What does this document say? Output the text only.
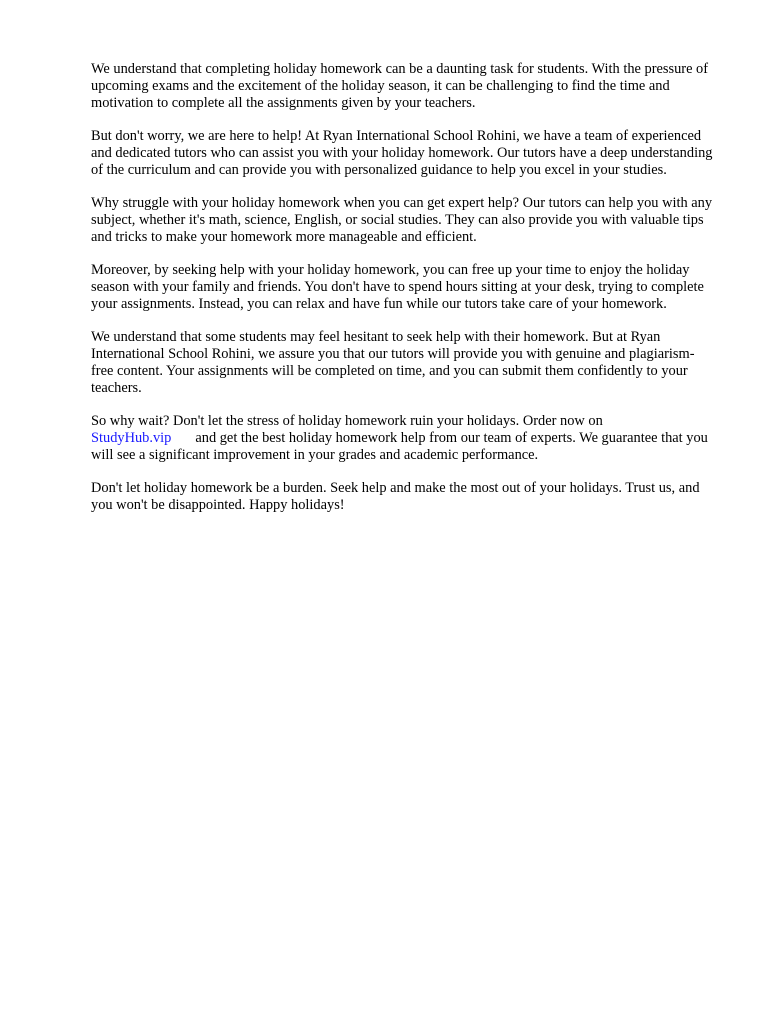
We understand that completing holiday homework can be a daunting task for students. With the pressure of upcoming exams and the excitement of the holiday season, it can be challenging to find the time and motivation to complete all the assignments given by your teachers.

But don't worry, we are here to help! At Ryan International School Rohini, we have a team of experienced and dedicated tutors who can assist you with your holiday homework. Our tutors have a deep understanding of the curriculum and can provide you with personalized guidance to help you excel in your studies.

Why struggle with your holiday homework when you can get expert help? Our tutors can help you with any subject, whether it's math, science, English, or social studies. They can also provide you with valuable tips and tricks to make your homework more manageable and efficient.

Moreover, by seeking help with your holiday homework, you can free up your time to enjoy the holiday season with your family and friends. You don't have to spend hours sitting at your desk, trying to complete your assignments. Instead, you can relax and have fun while our tutors take care of your homework.

We understand that some students may feel hesitant to seek help with their homework. But at Ryan International School Rohini, we assure you that our tutors will provide you with genuine and plagiarism-free content. Your assignments will be completed on time, and you can submit them confidently to your teachers.

So why wait? Don't let the stress of holiday homework ruin your holidays. Order now on
StudyHub.vip and get the best holiday homework help from our team of experts. We guarantee that you will see a significant improvement in your grades and academic performance.

Don't let holiday homework be a burden. Seek help and make the most out of your holidays. Trust us, and you won't be disappointed. Happy holidays!
